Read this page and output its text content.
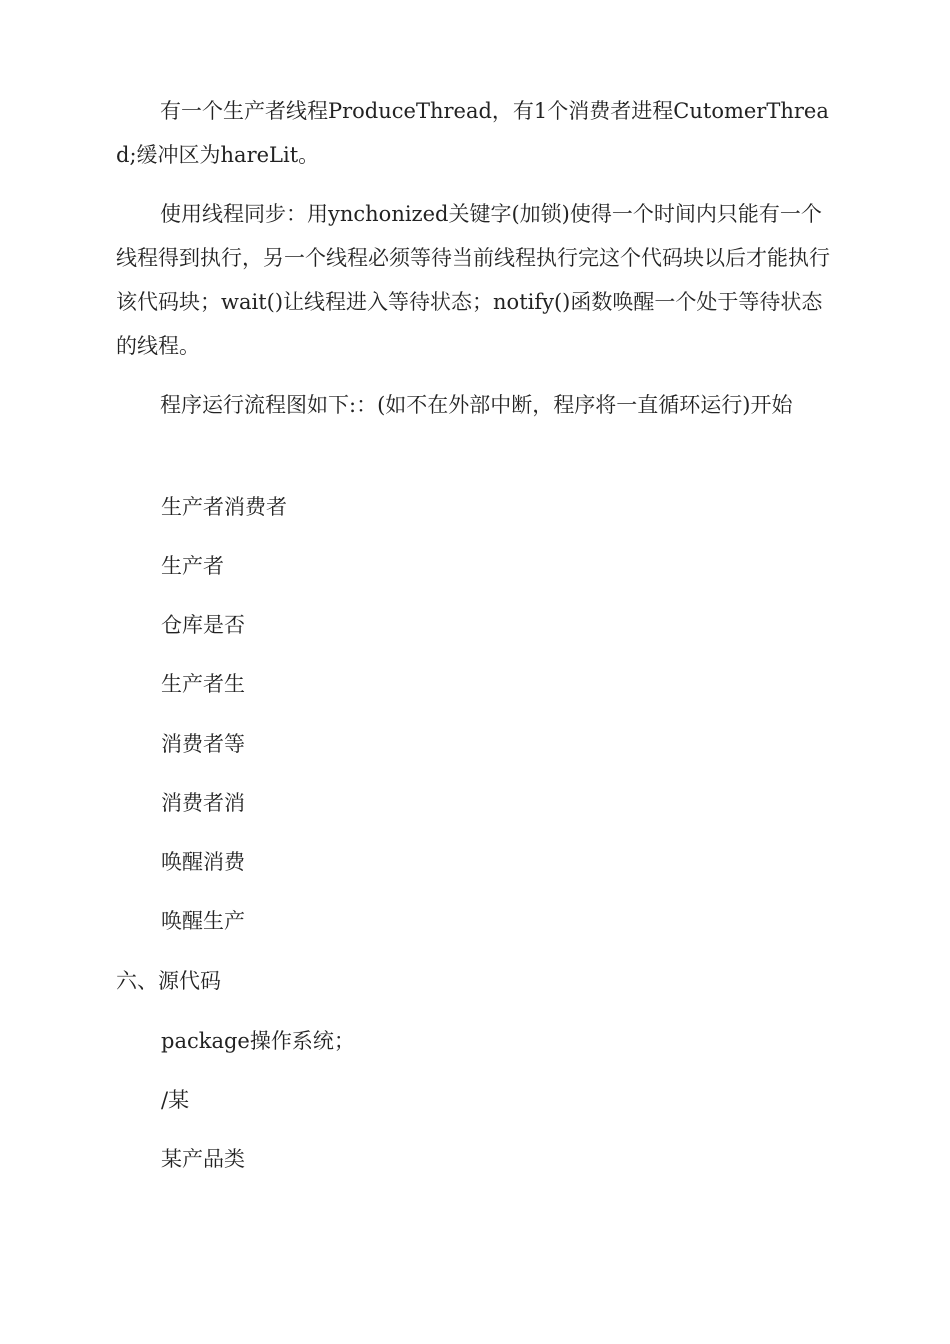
有一个生产者线程ProduceThread，有1个消费者进程CutomerThread;缓冲区为hareLit。

使用线程同步：用ynchonized关键字(加锁)使得一个时间内只能有一个线程得到执行，另一个线程必须等待当前线程执行完这个代码块以后才能执行该代码块；wait()让线程进入等待状态；notify()函数唤醒一个处于等待状态的线程。

程序运行流程图如下:：(如不在外部中断，程序将一直循环运行)开始

生产者消费者

生产者

仓库是否

生产者生

消费者等

消费者消

唤醒消费

唤醒生产

六、源代码

package操作系统；

/某

某产品类
